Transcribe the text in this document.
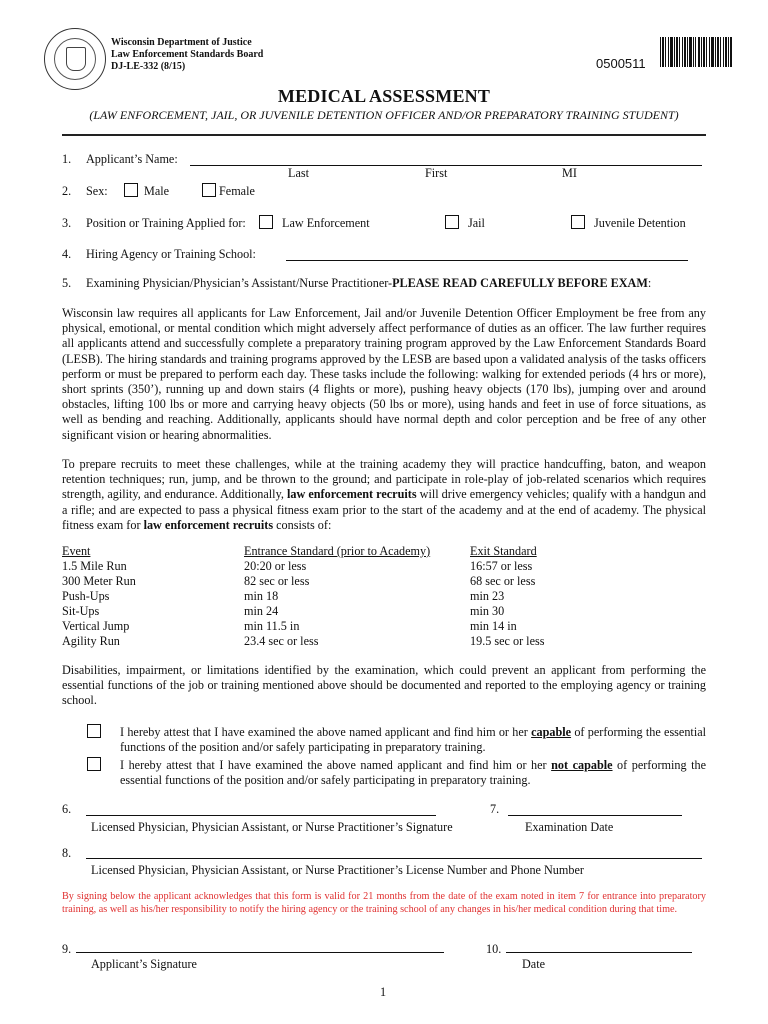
Wisconsin Department of Justice
Law Enforcement Standards Board
DJ-LE-332 (8/15)	0500511
MEDICAL ASSESSMENT
(LAW ENFORCEMENT, JAIL, OR JUVENILE DETENTION OFFICER AND/OR PREPARATORY TRAINING STUDENT)
1. Applicant’s Name:
Last	First	MI
2. Sex:	Male	Female
3. Position or Training Applied for:	Law Enforcement	Jail	Juvenile Detention
4. Hiring Agency or Training School:
5. Examining Physician/Physician’s Assistant/Nurse Practitioner-PLEASE READ CAREFULLY BEFORE EXAM:
Wisconsin law requires all applicants for Law Enforcement, Jail and/or Juvenile Detention Officer Employment be free from any physical, emotional, or mental condition which might adversely affect performance of duties as an officer. The law further requires all applicants attend and successfully complete a preparatory training program approved by the Law Enforcement Standards Board (LESB). The hiring standards and training programs approved by the LESB are based upon a validated analysis of the tasks officers perform or must be prepared to perform each day. These tasks include the following: walking for extended periods (4 hrs or more), short sprints (350’), running up and down stairs (4 flights or more), pushing heavy objects (170 lbs), jumping over and around obstacles, lifting 100 lbs or more and carrying heavy objects (50 lbs or more), using hands and feet in use of force situations, as well as bending and reaching. Additionally, applicants should have normal depth and color perception and be free of any other significant vision or hearing abnormalities.
To prepare recruits to meet these challenges, while at the training academy they will practice handcuffing, baton, and weapon retention techniques; run, jump, and be thrown to the ground; and participate in role-play of job-related scenarios which requires strength, agility, and endurance. Additionally, law enforcement recruits will drive emergency vehicles; qualify with a handgun and a rifle; and are expected to pass a physical fitness exam prior to the start of the academy and at the end of academy. The physical fitness exam for law enforcement recruits consists of:
Event	Entrance Standard (prior to Academy)	Exit Standard
1.5 Mile Run	20:20 or less	16:57 or less
300 Meter Run	82 sec or less	68 sec or less
Push-Ups	min 18	min 23
Sit-Ups	min 24	min 30
Vertical Jump	min 11.5 in	min 14 in
Agility Run	23.4 sec or less	19.5 sec or less
Disabilities, impairment, or limitations identified by the examination, which could prevent an applicant from performing the essential functions of the job or training mentioned above should be documented and reported to the employing agency or training school.
I hereby attest that I have examined the above named applicant and find him or her capable of performing the essential functions of the position and/or safely participating in preparatory training.
I hereby attest that I have examined the above named applicant and find him or her not capable of performing the essential functions of the position and/or safely participating in preparatory training.
6.
Licensed Physician, Physician Assistant, or Nurse Practitioner’s Signature
7.
Examination Date
8.
Licensed Physician, Physician Assistant, or Nurse Practitioner’s License Number and Phone Number
By signing below the applicant acknowledges that this form is valid for 21 months from the date of the exam noted in item 7 for entrance into preparatory training, as well as his/her responsibility to notify the hiring agency or the training school of any changes in his/her medical condition during that time.
9.
Applicant’s Signature
10.
Date
1
